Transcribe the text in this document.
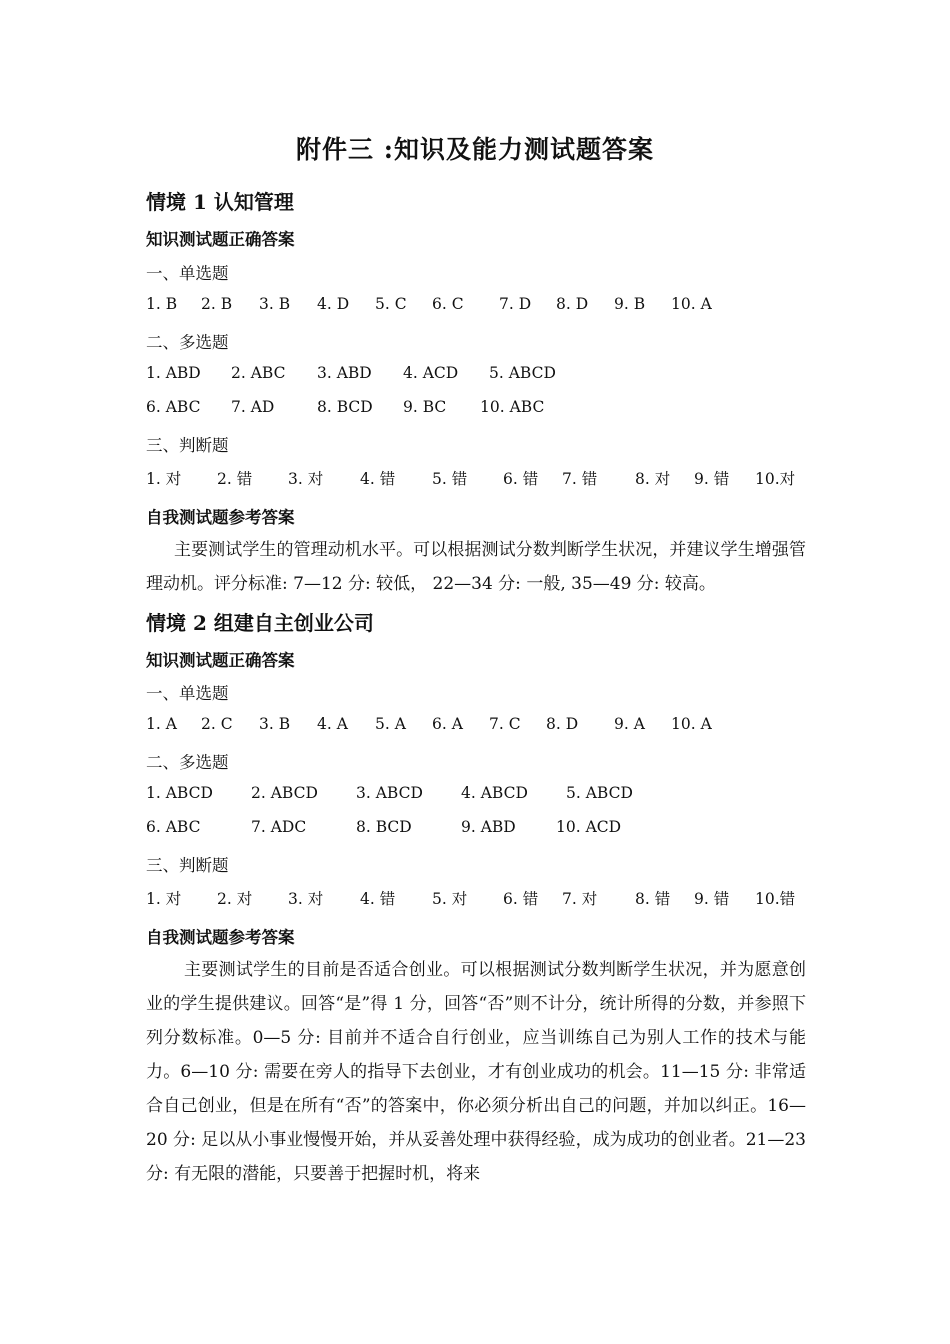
附件三 :知识及能力测试题答案
情境 1 认知管理
知识测试题正确答案
一、单选题
1. B 2. B 3. B 4. D 5. C 6. C 7. D 8. D 9. B 10. A
二、多选题
1. ABD 2. ABC 3. ABD 4. ACD 5. ABCD
6. ABC 7. AD	8. BCD 9. BC 10. ABC
三、判断题
1. 对 2. 错 3. 对 4. 错 5. 错 6. 错 7. 错 8. 对 9. 错 10.对
自我测试题参考答案

主要测试学生的管理动机水平。可以根据测试分数判断学生状况，并建议学生增强管理动机。评分标准: 7—12 分: 较低， 22—34 分: 一般, 35—49 分: 较高。

情境 2 组建自主创业公司
知识测试题正确答案
一、单选题
1. A 2. C 3. B 4. A 5. A 6. A 7. C 8. D 9. A 10. A
二、多选题
1. ABCD 2. ABCD 3. ABCD 4. ABCD 5. ABCD
6. ABC	7. ADC	8. BCD	9. ABD	10. ACD
三、判断题
1. 对 2. 对 3. 对 4. 错 5. 对 6. 错 7. 对 8. 错 9. 错 10.错
自我测试题参考答案

主要测试学生的目前是否适合创业。可以根据测试分数判断学生状况，并为愿意创业的学生提供建议。回答“是”得 1 分，回答“否”则不计分，统计所得的分数，并参照下列分数标准。0—5 分: 目前并不适合自行创业，应当训练自己为别人工作的技术与能力。6—10 分: 需要在旁人的指导下去创业，才有创业成功的机会。11—15 分: 非常适合自己创业，但是在所有“否”的答案中，你必须分析出自己的问题，并加以纠正。16—20 分: 足以从小事业慢慢开始，并从妥善处理中获得经验，成为成功的创业者。21—23 分: 有无限的潜能，只要善于把握时机，将来
